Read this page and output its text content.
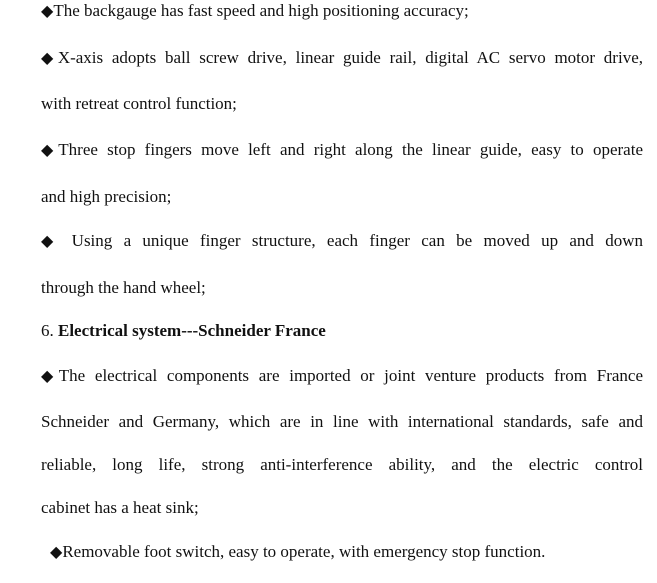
◆The backgauge has fast speed and high positioning accuracy;
◆X-axis adopts ball screw drive, linear guide rail, digital AC servo motor drive,
with retreat control function;
◆Three stop fingers move left and right along the linear guide, easy to operate
and high precision;
◆ Using a unique finger structure, each finger can be moved up and down
through the hand wheel;
6. Electrical system---Schneider France
◆The electrical components are imported or joint venture products from France
Schneider and Germany, which are in line with international standards, safe and
reliable, long life, strong anti-interference ability, and the electric control
cabinet has a heat sink;
◆Removable foot switch, easy to operate, with emergency stop function.
